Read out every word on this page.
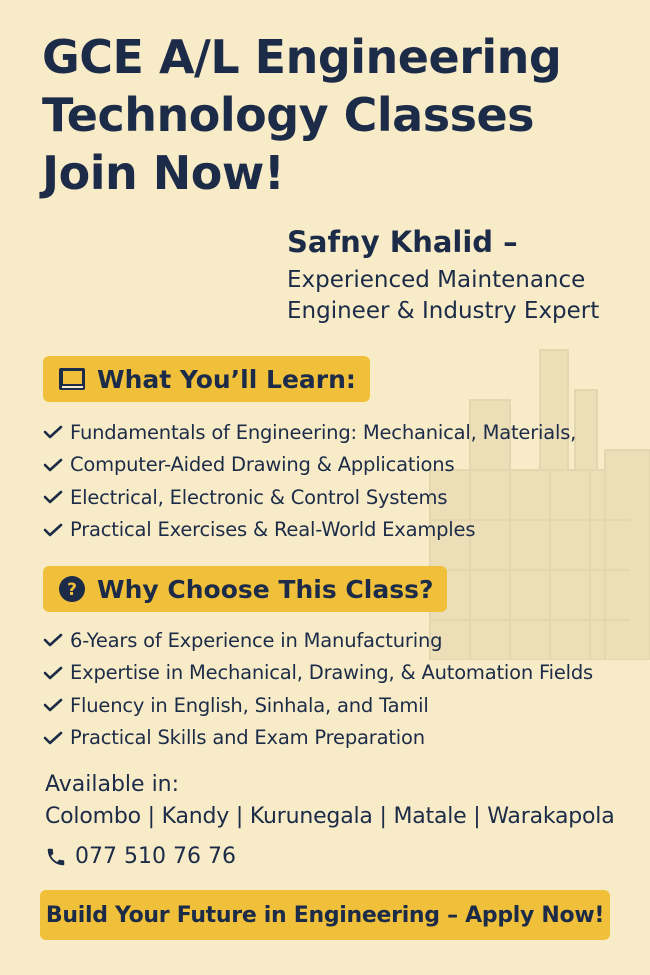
GCE A/L Engineering
Technology Classes
Join Now!
Safny Khalid –
Experienced Maintenance
Engineer & Industry Expert
What You’ll Learn:
Fundamentals of Engineering: Mechanical, Materials,
Computer-Aided Drawing & Applications
Electrical, Electronic & Control Systems
Practical Exercises & Real-World Examples
? Why Choose This Class?
6-Years of Experience in Manufacturing
Expertise in Mechanical, Drawing, & Automation Fields
Fluency in English, Sinhala, and Tamil
Practical Skills and Exam Preparation
Available in:
Colombo | Kandy | Kurunegala | Matale | Warakapola
077 510 76 76
Build Your Future in Engineering – Apply Now!
